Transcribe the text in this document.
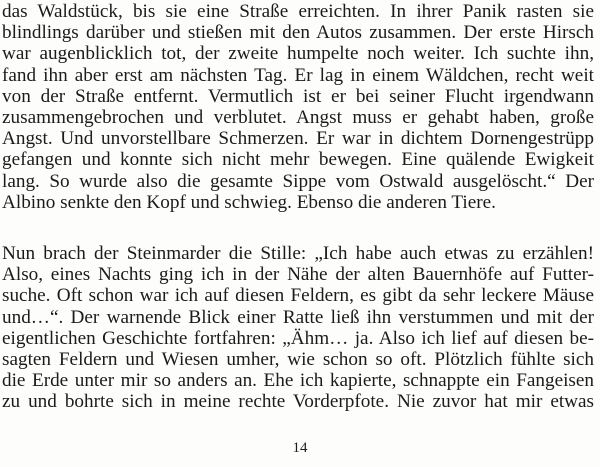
das Waldstück, bis sie eine Straße erreichten. In ihrer Panik rasten sie
blindlings darüber und stießen mit den Autos zusammen. Der erste Hirsch
war augenblicklich tot, der zweite humpelte noch weiter. Ich suchte ihn,
fand ihn aber erst am nächsten Tag. Er lag in einem Wäldchen, recht weit
von der Straße entfernt. Vermutlich ist er bei seiner Flucht irgendwann
zusammengebrochen und verblutet. Angst muss er gehabt haben, große
Angst. Und unvorstellbare Schmerzen. Er war in dichtem Dornengestrüpp
gefangen und konnte sich nicht mehr bewegen. Eine quälende Ewigkeit
lang. So wurde also die gesamte Sippe vom Ostwald ausgelöscht.“ Der
Albino senkte den Kopf und schwieg. Ebenso die anderen Tiere.
Nun brach der Steinmarder die Stille: „Ich habe auch etwas zu erzählen!
Also, eines Nachts ging ich in der Nähe der alten Bauernhöfe auf Futter-
suche. Oft schon war ich auf diesen Feldern, es gibt da sehr leckere Mäuse
und…“. Der warnende Blick einer Ratte ließ ihn verstummen und mit der
eigentlichen Geschichte fortfahren: „Ähm… ja. Also ich lief auf diesen be-
sagten Feldern und Wiesen umher, wie schon so oft. Plötzlich fühlte sich
die Erde unter mir so anders an. Ehe ich kapierte, schnappte ein Fangeisen
zu und bohrte sich in meine rechte Vorderpfote. Nie zuvor hat mir etwas
14
